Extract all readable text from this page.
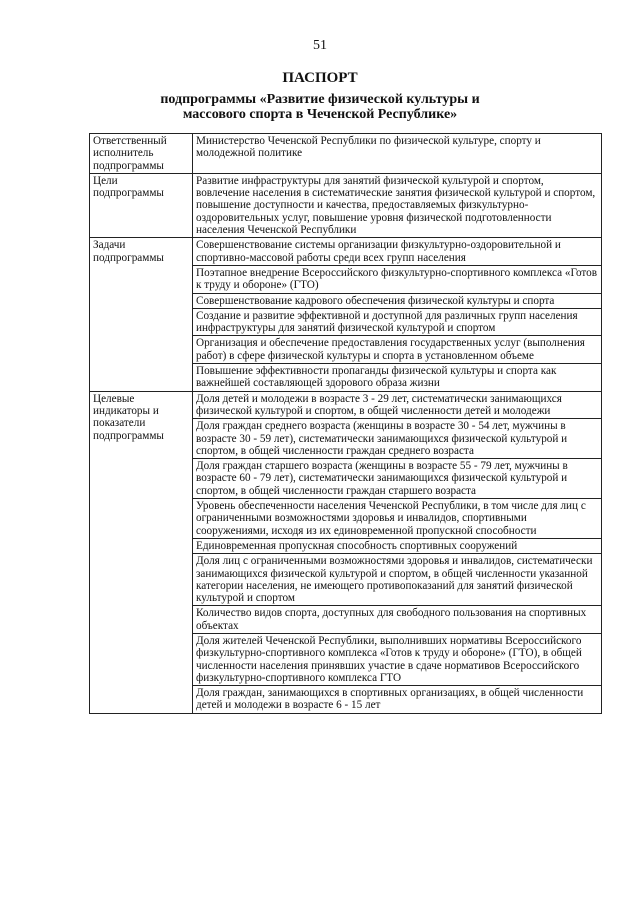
51
ПАСПОРТ
подпрограммы «Развитие физической культуры и массового спорта в Чеченской Республике»
Ответственный исполнитель подпрограммы	Министерство Чеченской Республики по физической культуре, спорту и молодежной политике

Цели подпрограммы	Развитие инфраструктуры для занятий физической культурой и спортом, вовлечение населения в систематические занятия физической культурой и спортом, повышение доступности и качества, предоставляемых физкультурно-оздоровительных услуг, повышение уровня физической подготовленности населения Чеченской Республики

Задачи подпрограммы	Совершенствование системы организации физкультурно-оздоровительной и спортивно-массовой работы среди всех групп населения

	Поэтапное внедрение Всероссийского физкультурно-спортивного комплекса «Готов к труду и обороне» (ГТО)

	Совершенствование кадрового обеспечения физической культуры и спорта

	Создание и развитие эффективной и доступной для различных групп населения инфраструктуры для занятий физической культурой и спортом

	Организация и обеспечение предоставления государственных услуг (выполнения работ) в сфере физической культуры и спорта в установленном объеме

	Повышение эффективности пропаганды физической культуры и спорта как важнейшей составляющей здорового образа жизни

Целевые индикаторы и показатели подпрограммы	Доля детей и молодежи в возрасте 3 - 29 лет, систематически занимающихся физической культурой и спортом, в общей численности детей и молодежи

	Доля граждан среднего возраста (женщины в возрасте 30 - 54 лет, мужчины в возрасте 30 - 59 лет), систематически занимающихся физической культурой и спортом, в общей численности граждан среднего возраста

	Доля граждан старшего возраста (женщины в возрасте 55 - 79 лет, мужчины в возрасте 60 - 79 лет), систематически занимающихся физической культурой и спортом, в общей численности граждан старшего возраста

	Уровень обеспеченности населения Чеченской Республики, в том числе для лиц с ограниченными возможностями здоровья и инвалидов, спортивными сооружениями, исходя из их единовременной пропускной способности

	Единовременная пропускная способность спортивных сооружений

	Доля лиц с ограниченными возможностями здоровья и инвалидов, систематически занимающихся физической культурой и спортом, в общей численности указанной категории населения, не имеющего противопоказаний для занятий физической культурой и спортом

	Количество видов спорта, доступных для свободного пользования на спортивных объектах

	Доля жителей Чеченской Республики, выполнивших нормативы Всероссийского физкультурно-спортивного комплекса «Готов к труду и обороне» (ГТО), в общей численности населения принявших участие в сдаче нормативов Всероссийского физкультурно-спортивного комплекса ГТО

	Доля граждан, занимающихся в спортивных организациях, в общей численности детей и молодежи в возрасте 6 - 15 лет
